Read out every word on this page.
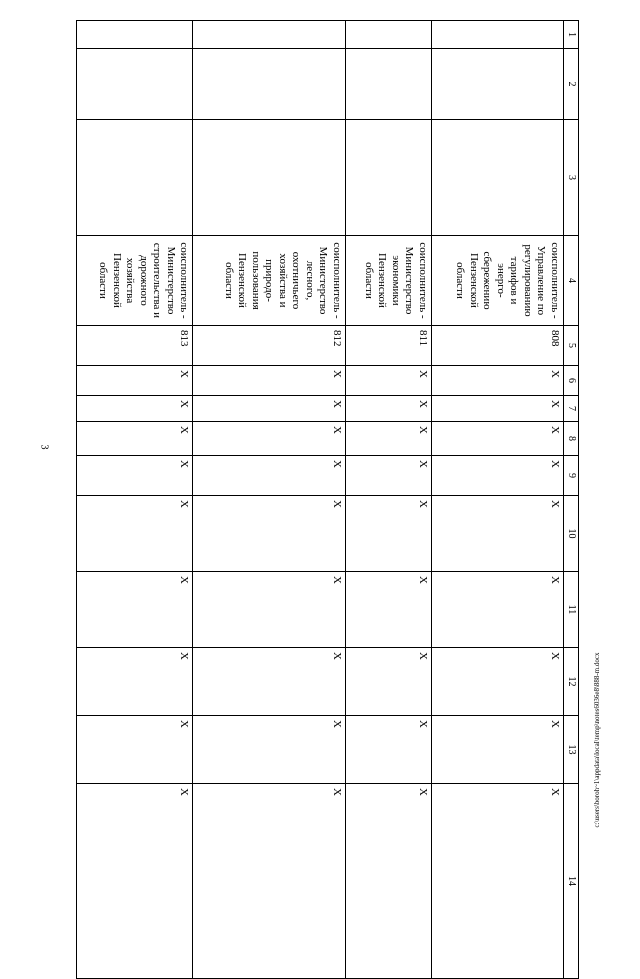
3
1	2	3	4	5	6	7	8	9	10	11	12	13	14
			соисполнитель - Управление по регулированию тарифов и энерго-сбережению Пензенской области	808	X	X	X	X	X	X	X	X	X
			соисполнитель - Министерство экономики Пензенской области	811	X	X	X	X	X	X	X	X	X
			соисполнитель - Министерство лесного, охотничьего хозяйства и природо-пользования Пензенской области	812	X	X	X	X	X	X	X	X	X
			соисполнитель - Министерство строительства и дорожного хозяйства Пензенской области	813	X	X	X	X	X	X	X	X	X	c:\users\boroh~1\appdata\local\temp\notes6036e8\888-m.docx
